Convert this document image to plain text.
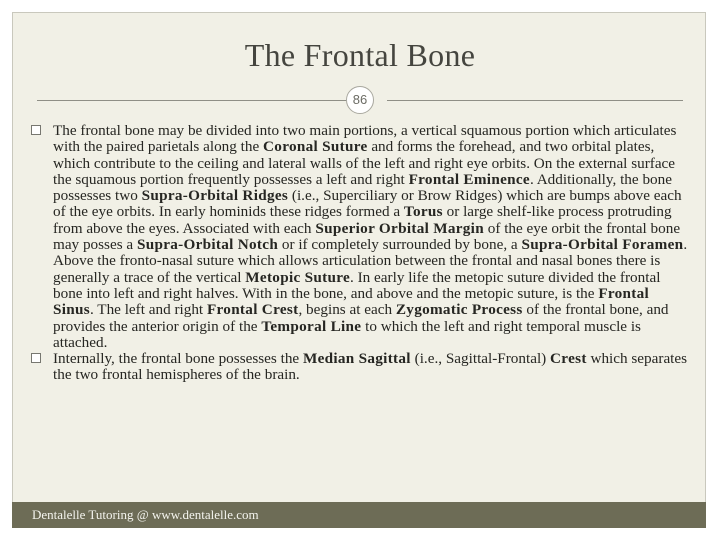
The Frontal Bone
86

The frontal bone may be divided into two main portions, a vertical squamous portion which articulates with the paired parietals along the Coronal Suture and forms the forehead, and two orbital plates, which contribute to the ceiling and lateral walls of the left and right eye orbits. On the external surface the squamous portion frequently possesses a left and right Frontal Eminence. Additionally, the bone possesses two Supra-Orbital Ridges (i.e., Superciliary or Brow Ridges) which are bumps above each of the eye orbits. In early hominids these ridges formed a Torus or large shelf-like process protruding from above the eyes. Associated with each Superior Orbital Margin of the eye orbit the frontal bone may posses a Supra-Orbital Notch or if completely surrounded by bone, a Supra-Orbital Foramen. Above the fronto-nasal suture which allows articulation between the frontal and nasal bones there is generally a trace of the vertical Metopic Suture. In early life the metopic suture divided the frontal bone into left and right halves. With in the bone, and above and the metopic suture, is the Frontal Sinus. The left and right Frontal Crest, begins at each Zygomatic Process of the frontal bone, and provides the anterior origin of the Temporal Line to which the left and right temporal muscle is attached.

Internally, the frontal bone possesses the Median Sagittal (i.e., Sagittal-Frontal) Crest which separates the two frontal hemispheres of the brain.

Dentalelle Tutoring @ www.dentalelle.com
